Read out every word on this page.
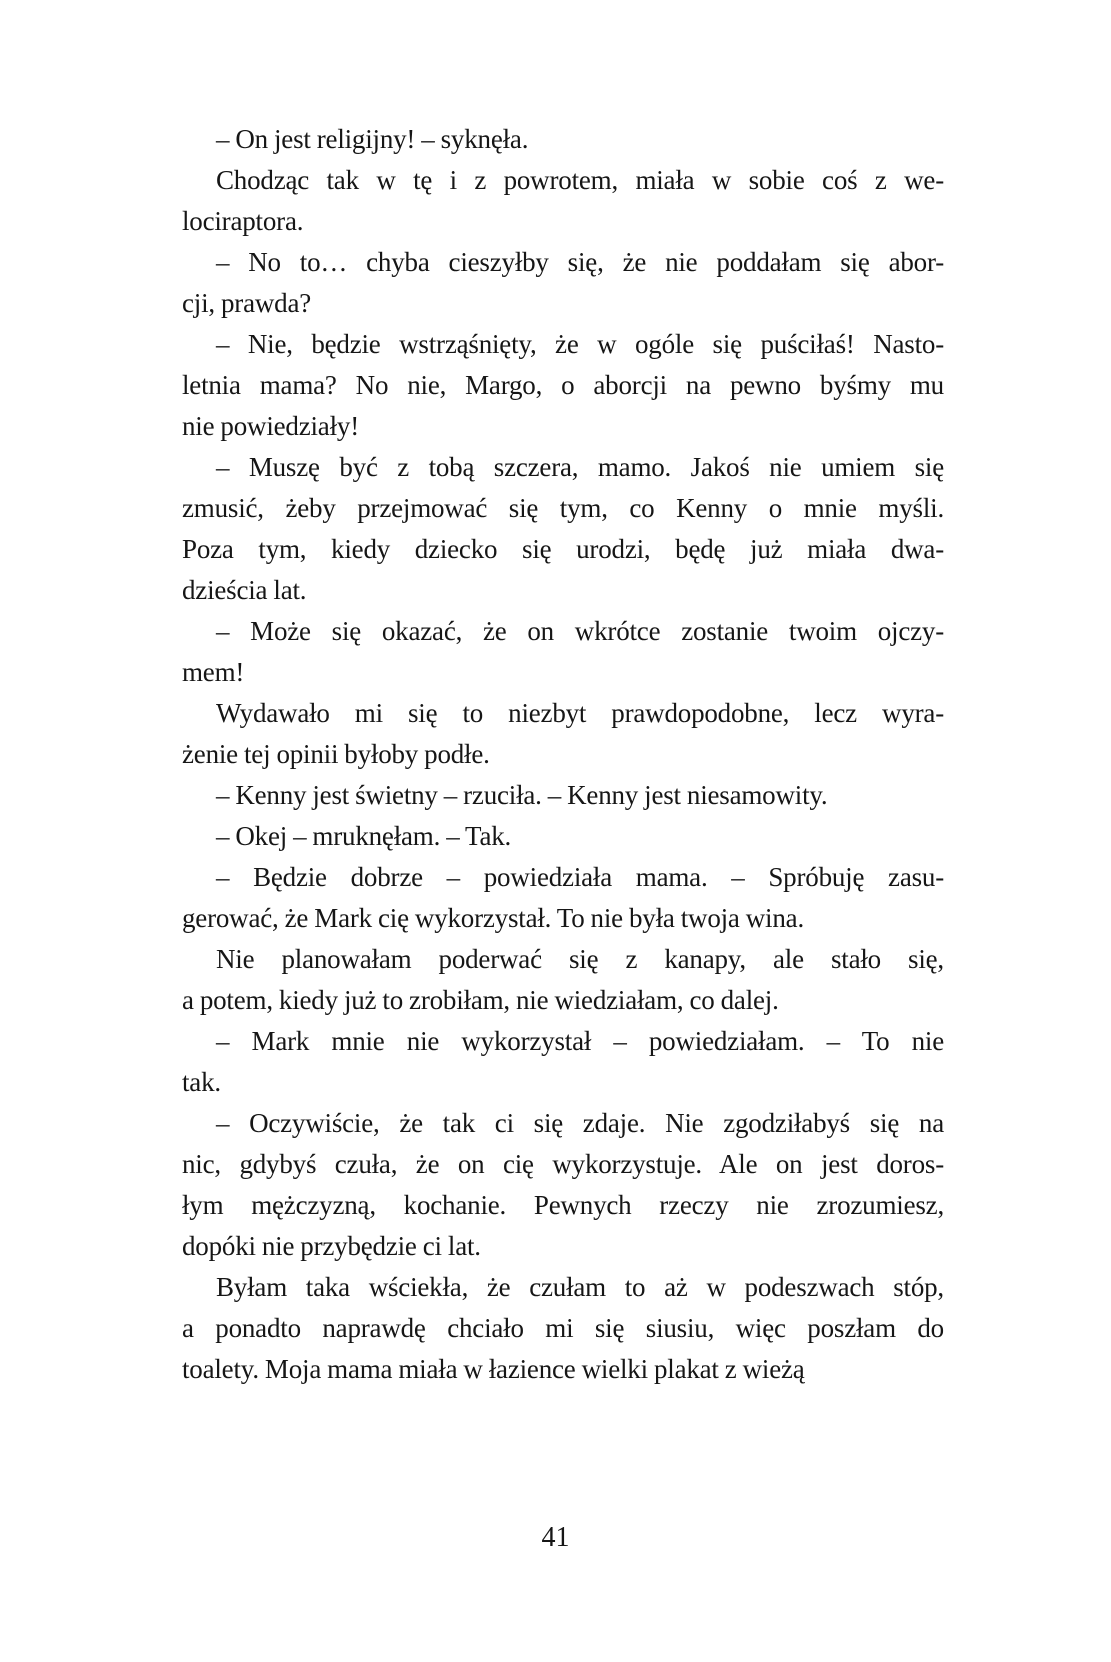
– On jest religijny! – syknęła.
Chodząc tak w tę i z powrotem, miała w sobie coś z we-
lociraptora.
– No to… chyba cieszyłby się, że nie poddałam się abor-
cji, prawda?
– Nie, będzie wstrząśnięty, że w ogóle się puściłaś! Nasto-
letnia mama? No nie, Margo, o aborcji na pewno byśmy mu
nie powiedziały!
– Muszę być z tobą szczera, mamo. Jakoś nie umiem się
zmusić, żeby przejmować się tym, co Kenny o mnie myśli.
Poza tym, kiedy dziecko się urodzi, będę już miała dwa-
dzieścia lat.
– Może się okazać, że on wkrótce zostanie twoim ojczy-
mem!
Wydawało mi się to niezbyt prawdopodobne, lecz wyra-
żenie tej opinii byłoby podłe.
– Kenny jest świetny – rzuciła. – Kenny jest niesamowity.
– Okej – mruknęłam. – Tak.
– Będzie dobrze – powiedziała mama. – Spróbuję zasu-
gerować, że Mark cię wykorzystał. To nie była twoja wina.
Nie planowałam poderwać się z kanapy, ale stało się,
a potem, kiedy już to zrobiłam, nie wiedziałam, co dalej.
– Mark mnie nie wykorzystał – powiedziałam. – To nie
tak.
– Oczywiście, że tak ci się zdaje. Nie zgodziłabyś się na
nic, gdybyś czuła, że on cię wykorzystuje. Ale on jest doros-
łym mężczyzną, kochanie. Pewnych rzeczy nie zrozumiesz,
dopóki nie przybędzie ci lat.
Byłam taka wściekła, że czułam to aż w podeszwach stóp,
a ponadto naprawdę chciało mi się siusiu, więc poszłam do
toalety. Moja mama miała w łazience wielki plakat z wieżą
41
